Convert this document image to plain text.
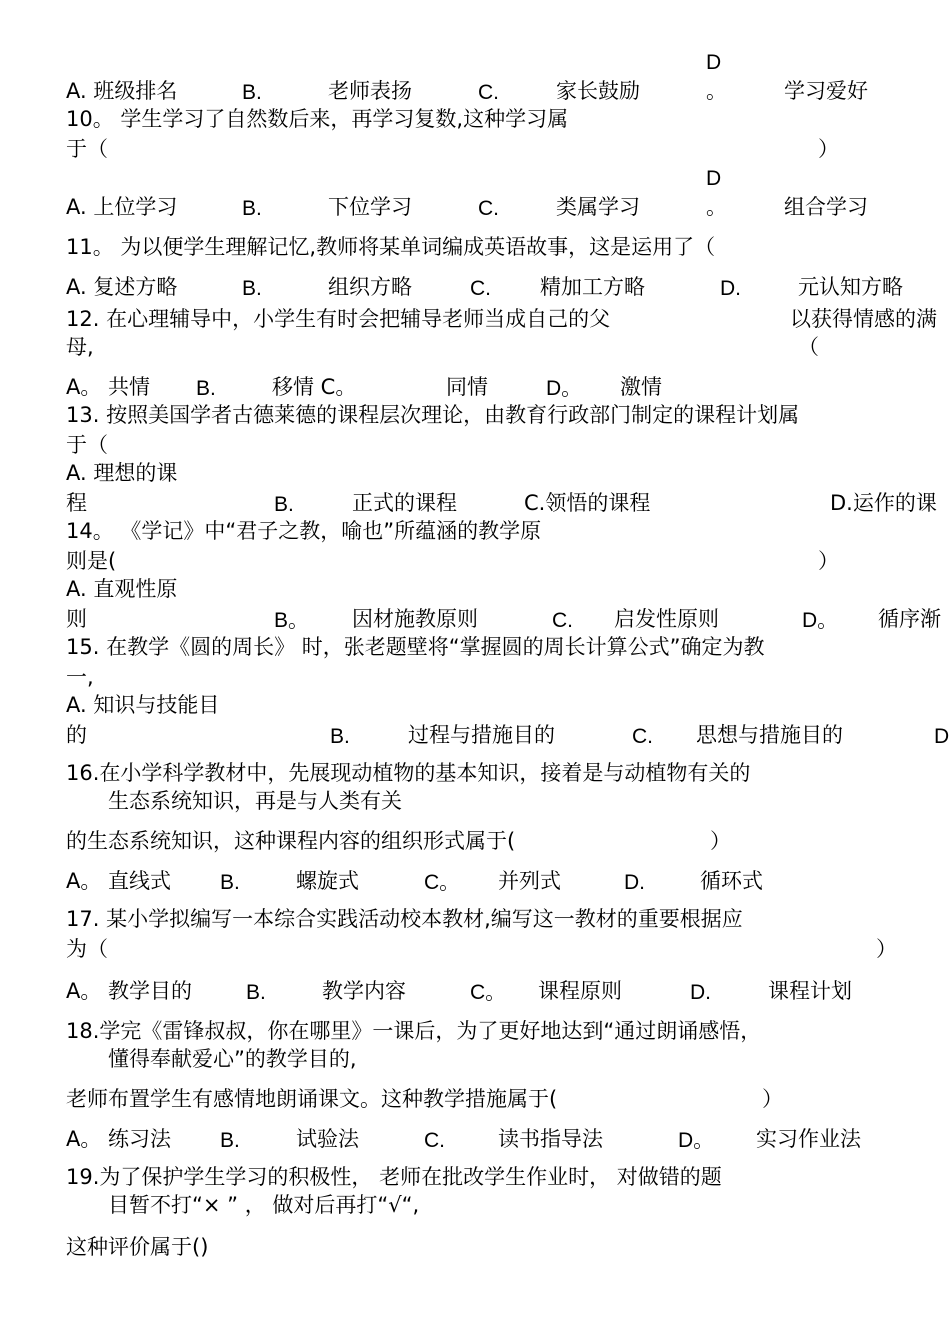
D
A. 班级排名	B.	老师表扬	C.	家长鼓励	。	学习爱好
10。 学生学习了自然数后来，再学习复数,这种学习属
于（	）
D
A. 上位学习	B.	下位学习	C.	类属学习	。	组合学习
11。 为以便学生理解记忆,教师将某单词编成英语故事，这是运用了（
A. 复述方略	B.	组织方略	C. 精加工方略	D.	元认知方略
12. 在心理辅导中，小学生有时会把辅导老师当成自己的父	以获得情感的满
母,	（
A。 共情 B.	移情 C。	同情	D。 激情
13. 按照美国学者古德莱德的课程层次理论，由教育行政部门制定的课程计划属
于（
A. 理想的课
程	B.	正式的课程	C.领悟的课程	D.运作的课
14。 《学记》中“君子之教，喻也”所蕴涵的教学原
则是(	）
A. 直观性原
则	B。 因材施教原则	C. 启发性原则	D。 循序渐
15. 在教学《圆的周长》 时，张老题壁将“掌握圆的周长计算公式”确定为教
一,
A. 知识与技能目
的	B.	过程与措施目的	C. 思想与措施目的	D
16.在小学科学教材中，先展现动植物的基本知识，接着是与动植物有关的
生态系统知识，再是与人类有关
的生态系统知识，这种课程内容的组织形式属于(	）
A。 直线式 B.	螺旋式	C。 并列式	D.	循环式
17. 某小学拟编写一本综合实践活动校本教材,编写这一教材的重要根据应
为（	）
A。 教学目的	B.	教学内容	C。 课程原则	D.	课程计划
18.学完《雷锋叔叔，你在哪里》一课后，为了更好地达到“通过朗诵感悟，
懂得奉献爱心”的教学目的,
老师布置学生有感情地朗诵课文。这种教学措施属于(	）
A。 练习法 B.	试验法	C.	读书指导法	D。 实习作业法
19.为了保护学生学习的积极性， 老师在批改学生作业时， 对做错的题
目暂不打“× ” ， 做对后再打“√“,
这种评价属于()
